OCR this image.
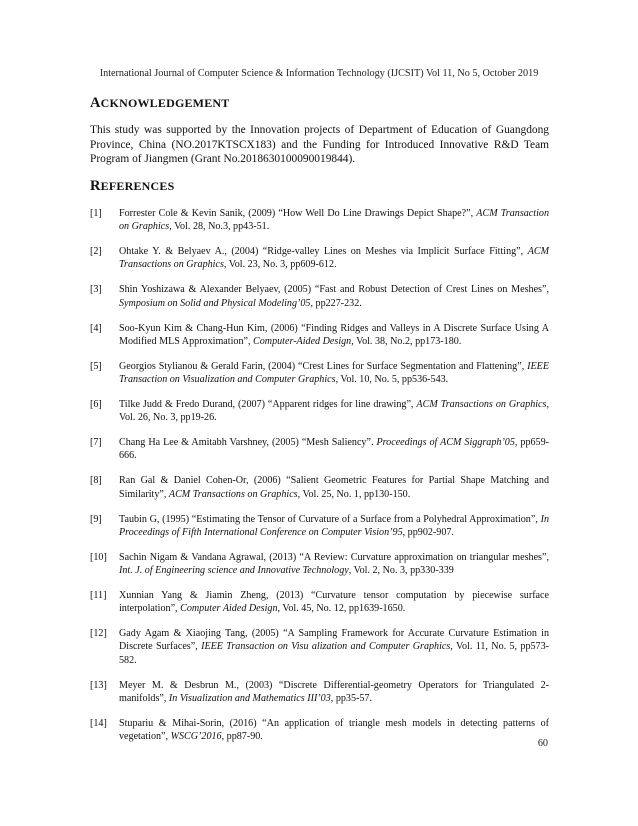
International Journal of Computer Science & Information Technology (IJCSIT) Vol 11, No 5, October 2019
ACKNOWLEDGEMENT
This study was supported by the Innovation projects of Department of Education of Guangdong Province, China (NO.2017KTSCX183) and the Funding for Introduced Innovative R&D Team Program of Jiangmen (Grant No.2018630100090019844).
REFERENCES
[1] Forrester Cole & Kevin Sanik, (2009) “How Well Do Line Drawings Depict Shape?”, ACM Transaction on Graphics, Vol. 28, No.3, pp43-51.
[2] Ohtake Y. & Belyaev A., (2004) “Ridge-valley Lines on Meshes via Implicit Surface Fitting”, ACM Transactions on Graphics, Vol. 23, No. 3, pp609-612.
[3] Shin Yoshizawa & Alexander Belyaev, (2005) “Fast and Robust Detection of Crest Lines on Meshes”, Symposium on Solid and Physical Modeling’05, pp227-232.
[4] Soo-Kyun Kim & Chang-Hun Kim, (2006) “Finding Ridges and Valleys in A Discrete Surface Using A Modified MLS Approximation”, Computer-Aided Design, Vol. 38, No.2, pp173-180.
[5] Georgios Stylianou & Gerald Farin, (2004) “Crest Lines for Surface Segmentation and Flattening”, IEEE Transaction on Visualization and Computer Graphics, Vol. 10, No. 5, pp536-543.
[6] Tilke Judd & Fredo Durand, (2007) “Apparent ridges for line drawing”, ACM Transactions on Graphics, Vol. 26, No. 3, pp19-26.
[7] Chang Ha Lee & Amitabh Varshney, (2005) “Mesh Saliency”. Proceedings of ACM Siggraph’05, pp659-666.
[8] Ran Gal & Daniel Cohen-Or, (2006) “Salient Geometric Features for Partial Shape Matching and Similarity”, ACM Transactions on Graphics, Vol. 25, No. 1, pp130-150.
[9] Taubin G, (1995) “Estimating the Tensor of Curvature of a Surface from a Polyhedral Approximation”, In Proceedings of Fifth International Conference on Computer Vision’95, pp902-907.
[10] Sachin Nigam & Vandana Agrawal, (2013) “A Review: Curvature approximation on triangular meshes”, Int. J. of Engineering science and Innovative Technology, Vol. 2, No. 3, pp330-339
[11] Xunnian Yang & Jiamin Zheng, (2013) “Curvature tensor computation by piecewise surface interpolation”, Computer Aided Design, Vol. 45, No. 12, pp1639-1650.
[12] Gady Agam & Xiaojing Tang, (2005) “A Sampling Framework for Accurate Curvature Estimation in Discrete Surfaces”, IEEE Transaction on Visu alization and Computer Graphics, Vol. 11, No. 5, pp573-582.
[13] Meyer M. & Desbrun M., (2003) “Discrete Differential-geometry Operators for Triangulated 2-manifolds”, In Visualization and Mathematics III’03, pp35-57.
[14] Stupariu & Mihai-Sorin, (2016) “An application of triangle mesh models in detecting patterns of vegetation”, WSCG’2016, pp87-90.
60
